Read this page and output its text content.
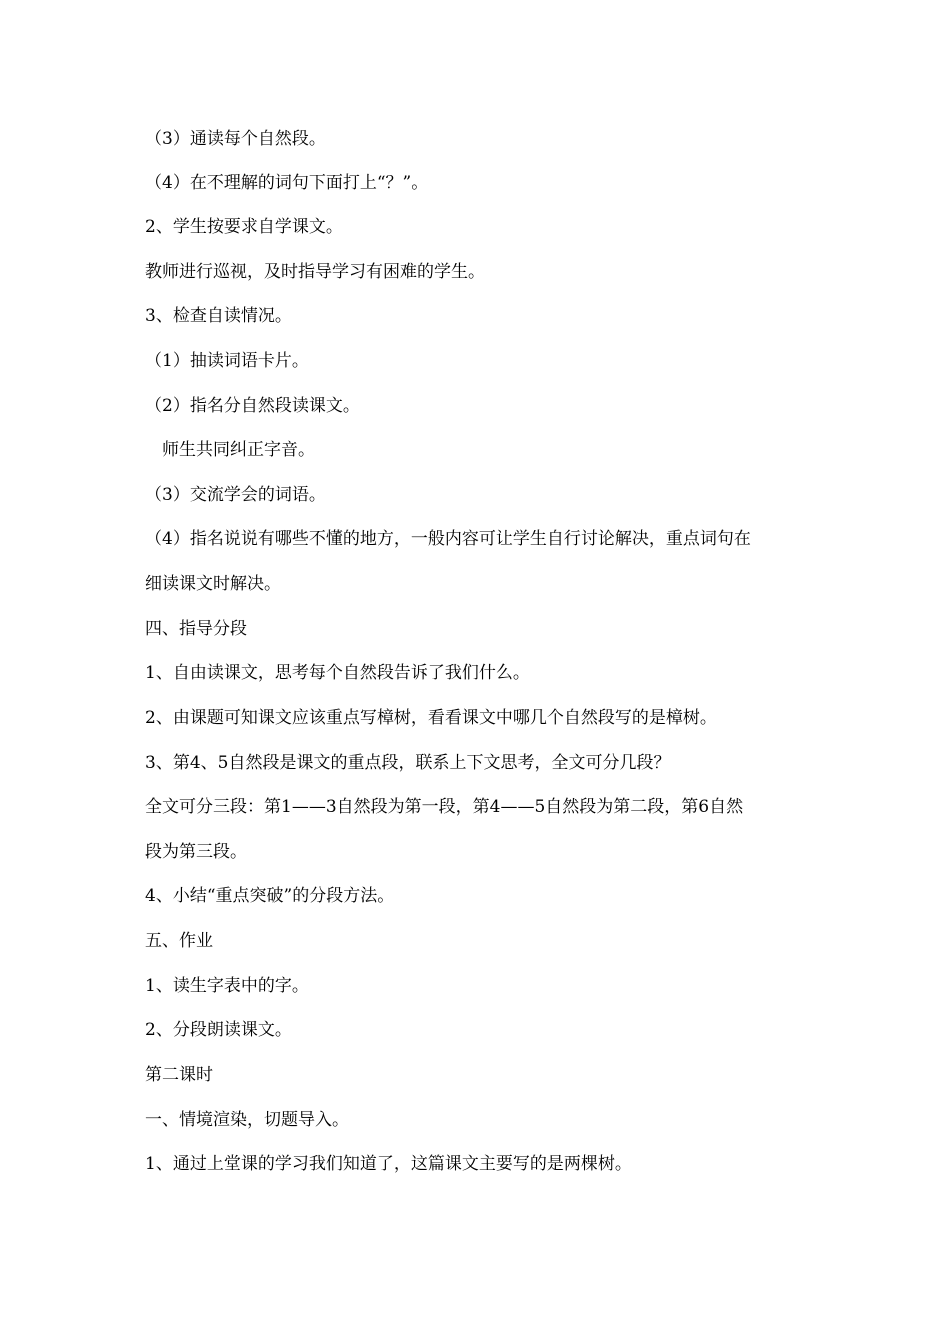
（3）通读每个自然段。
（4）在不理解的词句下面打上“？”。
2、学生按要求自学课文。
教师进行巡视，及时指导学习有困难的学生。
3、检查自读情况。
（1）抽读词语卡片。
（2）指名分自然段读课文。
师生共同纠正字音。
（3）交流学会的词语。
（4）指名说说有哪些不懂的地方，一般内容可让学生自行讨论解决，重点词句在
细读课文时解决。
四、指导分段
1、自由读课文，思考每个自然段告诉了我们什么。
2、由课题可知课文应该重点写樟树，看看课文中哪几个自然段写的是樟树。
3、第4、5自然段是课文的重点段，联系上下文思考，全文可分几段？
全文可分三段：第1——3自然段为第一段，第4——5自然段为第二段，第6自然
段为第三段。
4、小结“重点突破”的分段方法。
五、作业
1、读生字表中的字。
2、分段朗读课文。
第二课时
一、情境渲染，切题导入。
1、通过上堂课的学习我们知道了，这篇课文主要写的是两棵树。
